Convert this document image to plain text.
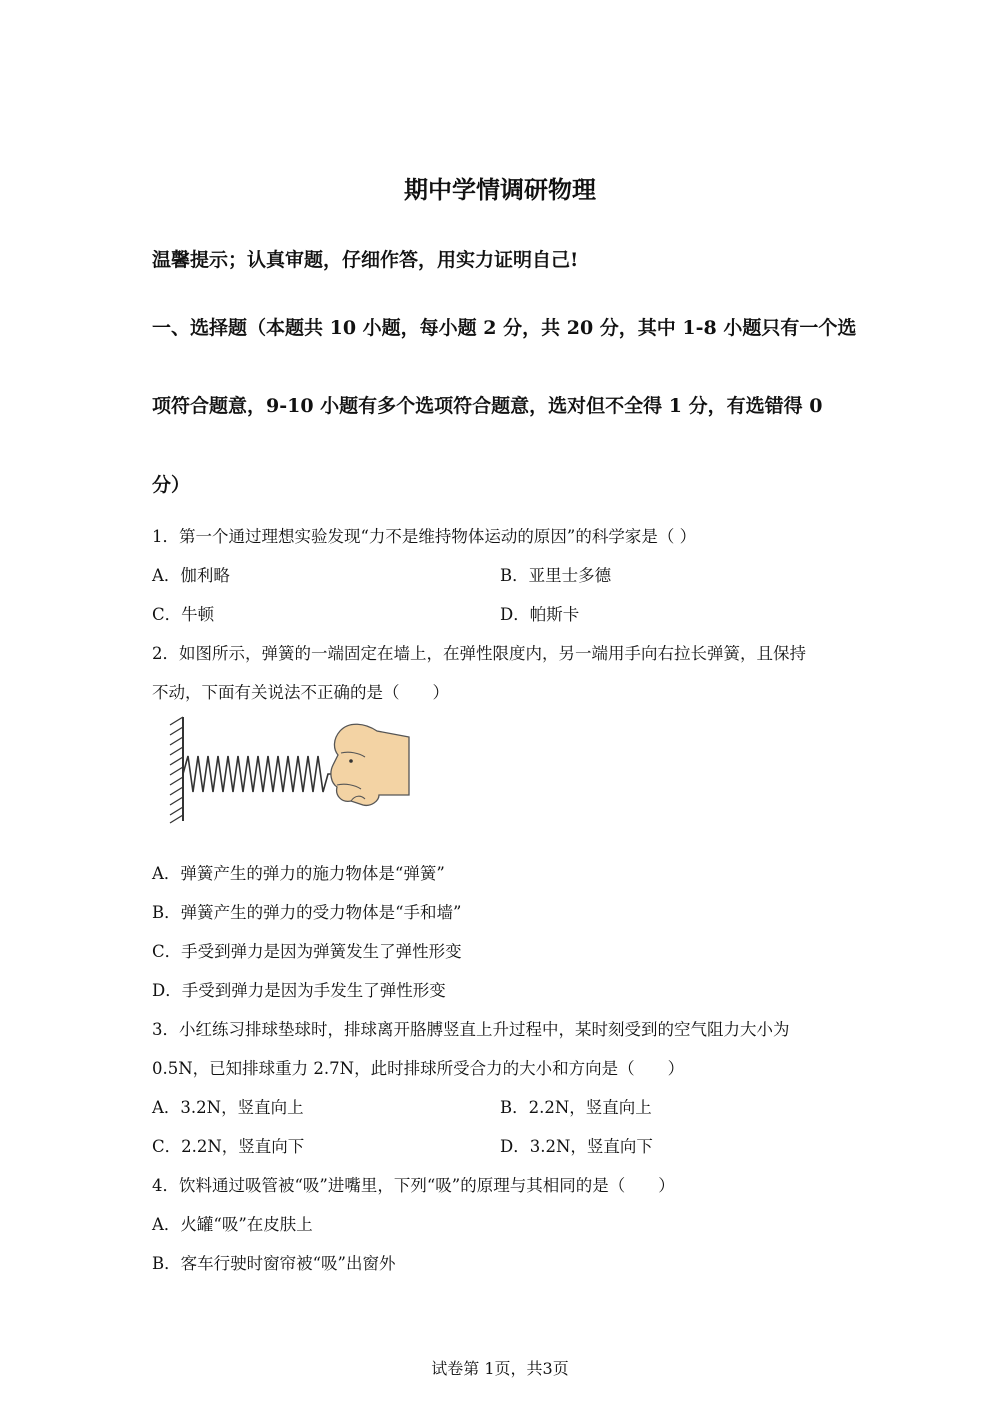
期中学情调研物理
温馨提示；认真审题，仔细作答，用实力证明自己!
一、选择题（本题共 10 小题，每小题 2 分，共 20 分，其中 1-8 小题只有一个选
项符合题意，9-10 小题有多个选项符合题意，选对但不全得 1 分，有选错得 0
分）
1．第一个通过理想实验发现“力不是维持物体运动的原因”的科学家是（ ）
A．伽利略	B．亚里士多德
C．牛顿	D．帕斯卡
2．如图所示，弹簧的一端固定在墙上，在弹性限度内，另一端用手向右拉长弹簧，且保持
不动，下面有关说法不正确的是（　　）
A．弹簧产生的弹力的施力物体是“弹簧”
B．弹簧产生的弹力的受力物体是“手和墙”
C．手受到弹力是因为弹簧发生了弹性形变
D．手受到弹力是因为手发生了弹性形变
3．小红练习排球垫球时，排球离开胳膊竖直上升过程中，某时刻受到的空气阻力大小为
0.5N，已知排球重力 2.7N，此时排球所受合力的大小和方向是（　　）
A．3.2N，竖直向上	B．2.2N，竖直向上
C．2.2N，竖直向下	D．3.2N，竖直向下
4．饮料通过吸管被“吸”进嘴里，下列“吸”的原理与其相同的是（　　）
A．火罐“吸”在皮肤上
B．客车行驶时窗帘被“吸”出窗外
试卷第 1页，共3页
